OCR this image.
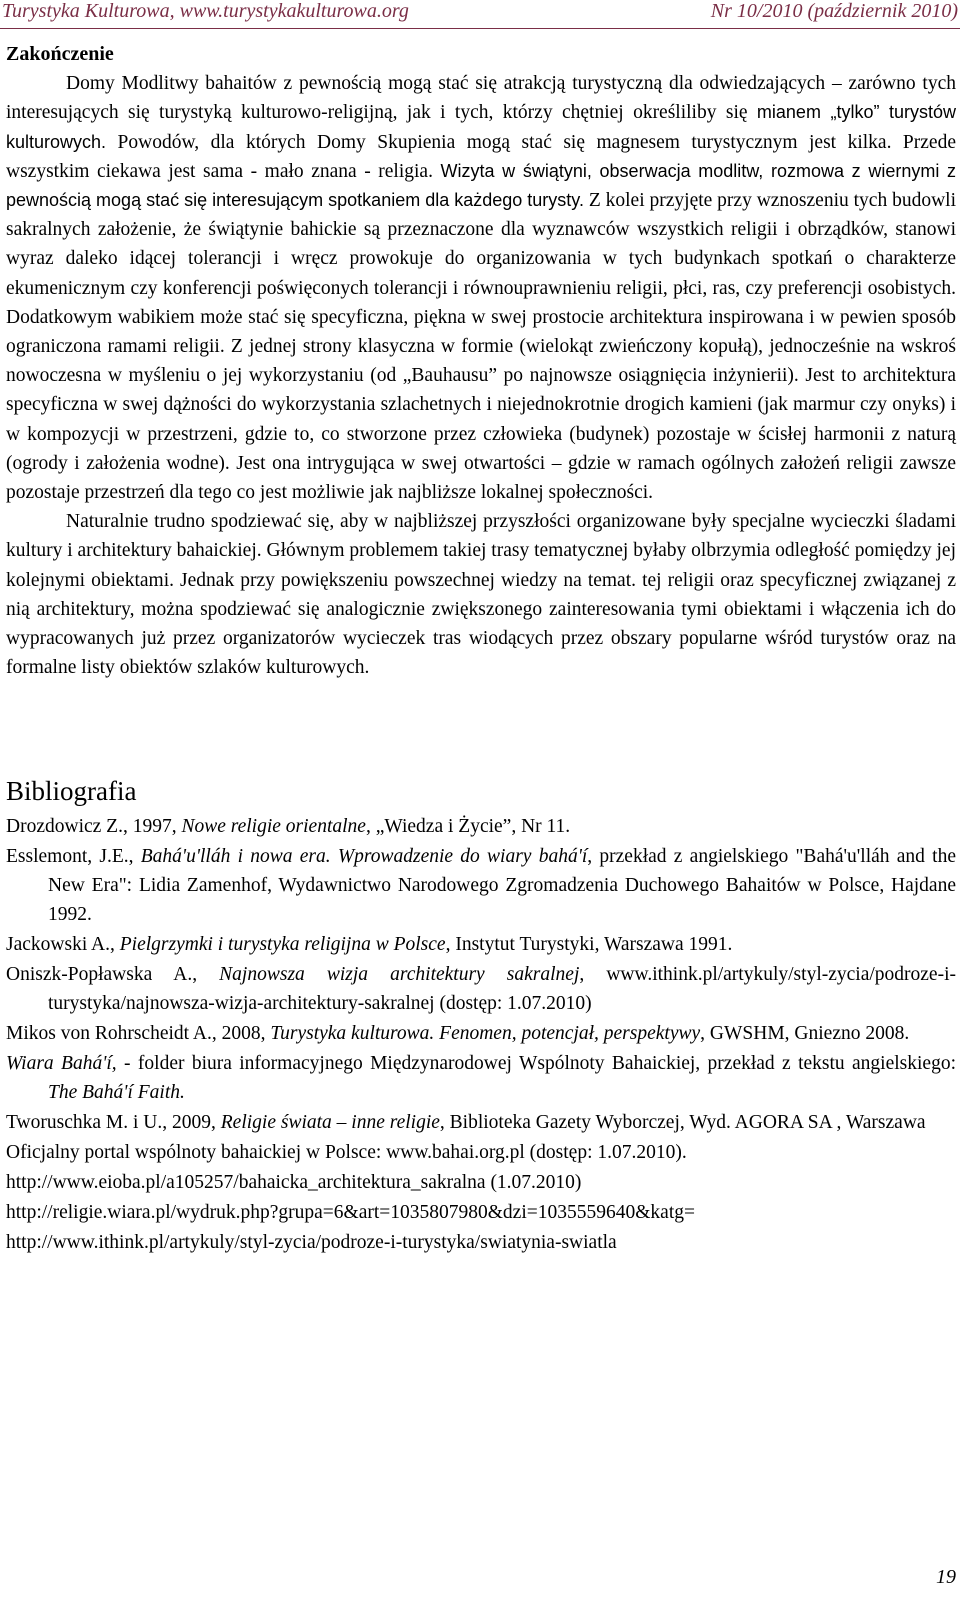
Turystyka Kulturowa, www.turystykakulturowa.org	Nr 10/2010 (październik 2010)

Zakończenie

Domy Modlitwy bahaitów z pewnością mogą stać się atrakcją turystyczną dla odwiedzających – zarówno tych interesujących się turystyką kulturowo-religijną, jak i tych, którzy chętniej określiliby się mianem „tylko” turystów kulturowych. Powodów, dla których Domy Skupienia mogą stać się magnesem turystycznym jest kilka. Przede wszystkim ciekawa jest sama - mało znana - religia. Wizyta w świątyni, obserwacja modlitw, rozmowa z wiernymi z pewnością mogą stać się interesującym spotkaniem dla każdego turysty. Z kolei przyjęte przy wznoszeniu tych budowli sakralnych założenie, że świątynie bahickie są przeznaczone dla wyznawców wszystkich religii i obrządków, stanowi wyraz daleko idącej tolerancji i wręcz prowokuje do organizowania w tych budynkach spotkań o charakterze ekumenicznym czy konferencji poświęconych tolerancji i równouprawnieniu religii, płci, ras, czy preferencji osobistych. Dodatkowym wabikiem może stać się specyficzna, piękna w swej prostocie architektura inspirowana i w pewien sposób ograniczona ramami religii. Z jednej strony klasyczna w formie (wielokąt zwieńczony kopułą), jednocześnie na wskroś nowoczesna w myśleniu o jej wykorzystaniu (od „Bauhausu” po najnowsze osiągnięcia inżynierii). Jest to architektura specyficzna w swej dążności do wykorzystania szlachetnych i niejednokrotnie drogich kamieni (jak marmur czy onyks) i w kompozycji w przestrzeni, gdzie to, co stworzone przez człowieka (budynek) pozostaje w ścisłej harmonii z naturą (ogrody i założenia wodne). Jest ona intrygująca w swej otwartości – gdzie w ramach ogólnych założeń religii zawsze pozostaje przestrzeń dla tego co jest możliwie jak najbliższe lokalnej społeczności.

Naturalnie trudno spodziewać się, aby w najbliższej przyszłości organizowane były specjalne wycieczki śladami kultury i architektury bahaickiej. Głównym problemem takiej trasy tematycznej byłaby olbrzymia odległość pomiędzy jej kolejnymi obiektami. Jednak przy powiększeniu powszechnej wiedzy na temat. tej religii oraz specyficznej związanej z nią architektury, można spodziewać się analogicznie zwiększonego zainteresowania tymi obiektami i włączenia ich do wypracowanych już przez organizatorów wycieczek tras wiodących przez obszary popularne wśród turystów oraz na formalne listy obiektów szlaków kulturowych.

Bibliografia
Drozdowicz Z., 1997, Nowe religie orientalne, „Wiedza i Życie”, Nr 11.
Esslemont, J.E., Bahá'u'lláh i nowa era. Wprowadzenie do wiary bahá'í, przekład z angielskiego "Bahá'u'lláh and the New Era": Lidia Zamenhof, Wydawnictwo Narodowego Zgromadzenia Duchowego Bahaitów w Polsce, Hajdane 1992.
Jackowski A., Pielgrzymki i turystyka religijna w Polsce, Instytut Turystyki, Warszawa 1991.
Oniszk-Popławska A., Najnowsza wizja architektury sakralnej, www.ithink.pl/artykuly/styl-zycia/podroze-i-turystyka/najnowsza-wizja-architektury-sakralnej (dostęp: 1.07.2010)
Mikos von Rohrscheidt A., 2008, Turystyka kulturowa. Fenomen, potencjał, perspektywy, GWSHM, Gniezno 2008.
Wiara Bahá'í, - folder biura informacyjnego Międzynarodowej Wspólnoty Bahaickiej, przekład z tekstu angielskiego: The Bahá'í Faith.
Tworuschka M. i U., 2009, Religie świata – inne religie, Biblioteka Gazety Wyborczej, Wyd. AGORA SA , Warszawa
Oficjalny portal wspólnoty bahaickiej w Polsce: www.bahai.org.pl (dostęp: 1.07.2010).
http://www.eioba.pl/a105257/bahaicka_architektura_sakralna (1.07.2010)
http://religie.wiara.pl/wydruk.php?grupa=6&art=1035807980&dzi=1035559640&katg=
http://www.ithink.pl/artykuly/styl-zycia/podroze-i-turystyka/swiatynia-swiatla
19
